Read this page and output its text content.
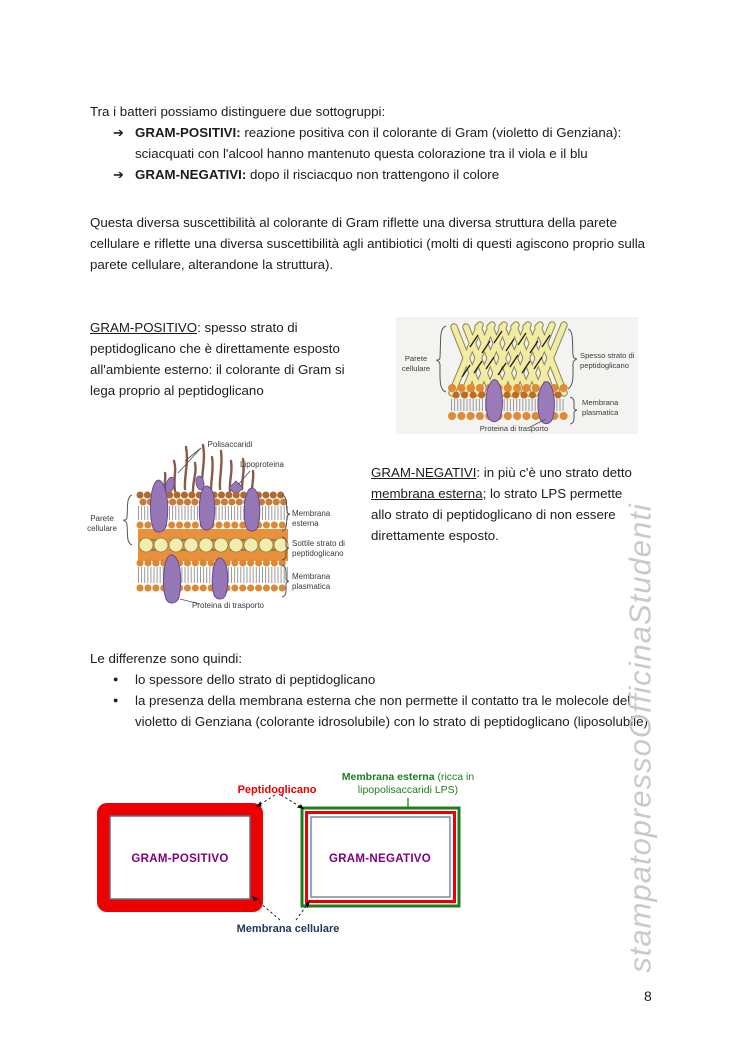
Tra i batteri possiamo distinguere due sottogruppi:
➔ GRAM-POSITIVI: reazione positiva con il colorante di Gram (violetto di Genziana): sciacquati con l'alcool hanno mantenuto questa colorazione tra il viola e il blu
➔ GRAM-NEGATIVI: dopo il risciacquo non trattengono il colore
Questa diversa suscettibilità al colorante di Gram riflette una diversa struttura della parete cellulare e riflette una diversa suscettibilità agli antibiotici (molti di questi agiscono proprio sulla parete cellulare, alterandone la struttura).
GRAM-POSITIVO: spesso strato di peptidoglicano che è direttamente esposto all'ambiente esterno: il colorante di Gram si lega proprio al peptidoglicano
Parete
cellulare
Spesso strato di
peptidoglicano
Membrana
plasmatica
Proteina di trasporto
Polisaccaridi
Lipoproteina
Parete
cellulare
Membrana
esterna
Sottile strato di
peptidoglicano
Membrana
plasmatica
Proteina di trasporto
GRAM-NEGATIVI: in più c'è uno strato detto membrana esterna; lo strato LPS permette allo strato di peptidoglicano di non essere direttamente esposto.
Le differenze sono quindi:
●	lo spessore dello strato di peptidoglicano
●	la presenza della membrana esterna che non permette il contatto tra le molecole del violetto di Genziana (colorante idrosolubile) con lo strato di peptidoglicano (liposolubile).
Peptidoglicano
Membrana esterna (ricca in
lipopolisaccaridi LPS)
GRAM-POSITIVO	GRAM-NEGATIVO
Membrana cellulare	stampatopressoOfficinaStudenti
8
